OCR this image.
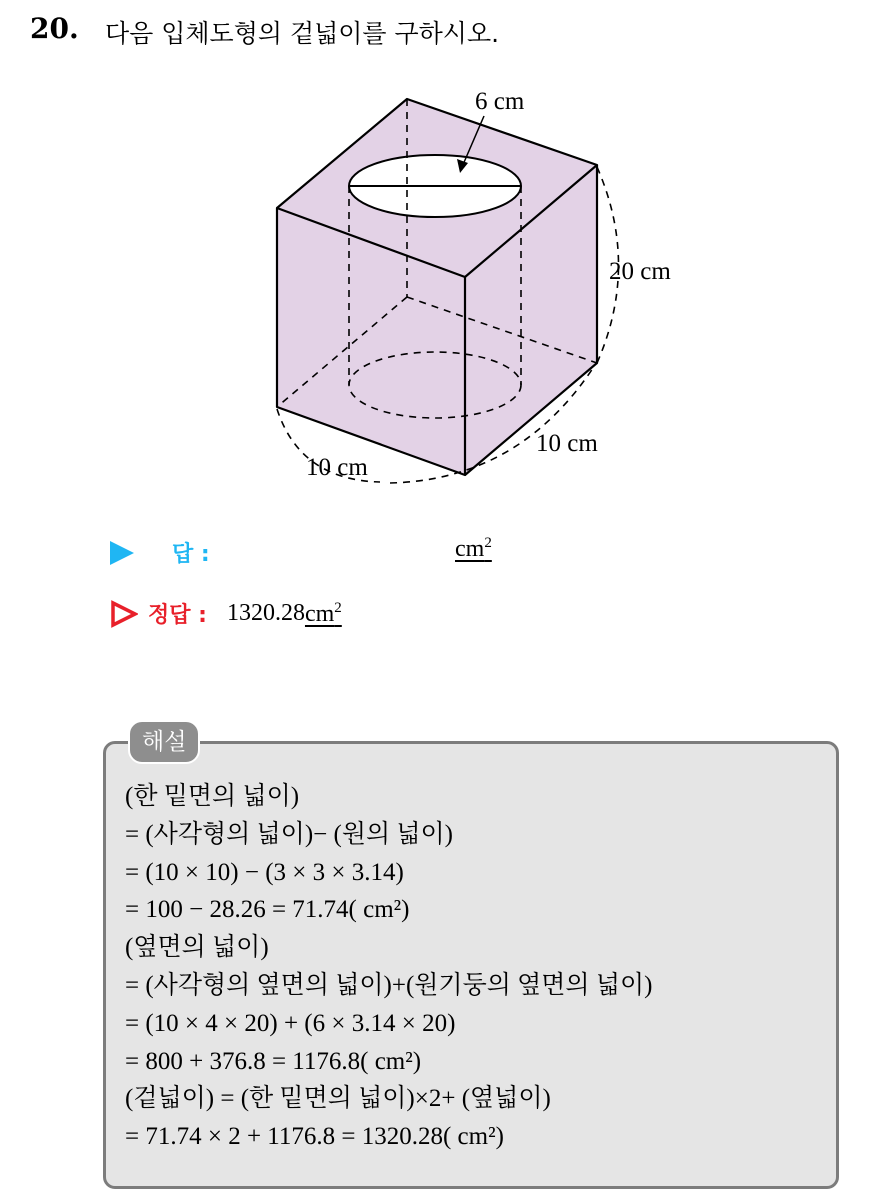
20. 다음 입체도형의 겉넓이를 구하시오.
6 cm
20 cm
10 cm
10 cm
답 :	$cm^2$
정답 : 1320.28 $cm^2$
해설
(한 밑면의 넓이)
= (사각형의 넓이)− (원의 넓이)
= (10 × 10) − (3 × 3 × 3.14)
= 100 − 28.26 = 71.74( cm²)
(옆면의 넓이)
= (사각형의 옆면의 넓이)+(원기둥의 옆면의 넓이)
= (10 × 4 × 20) + (6 × 3.14 × 20)
= 800 + 376.8 = 1176.8( cm²)
(겉넓이) = (한 밑면의 넓이)×2+ (옆넓이)
= 71.74 × 2 + 1176.8 = 1320.28( cm²)
